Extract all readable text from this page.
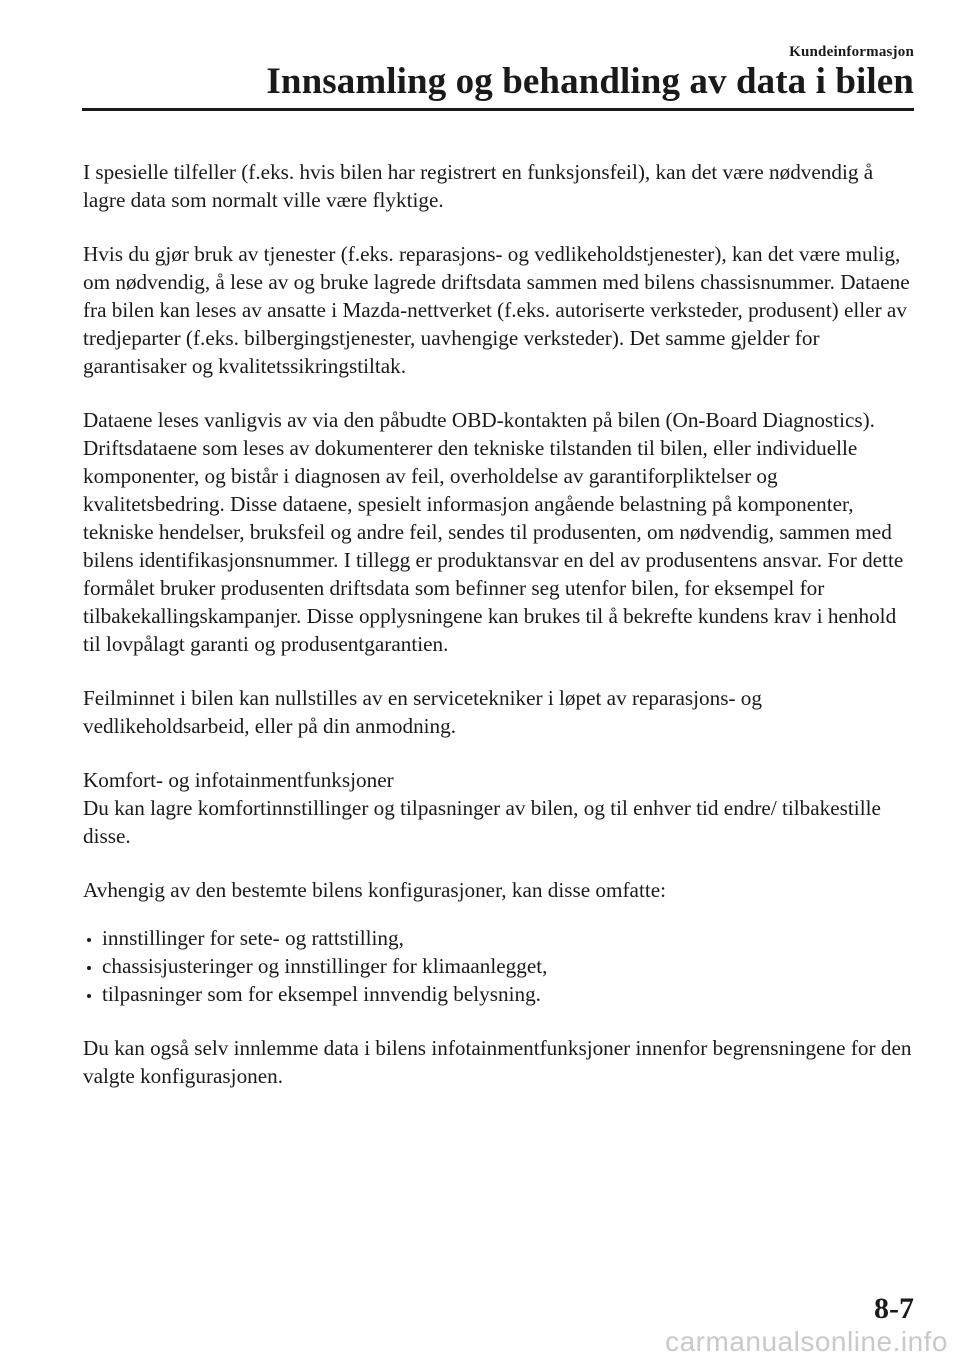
Kundeinformasjon
Innsamling og behandling av data i bilen

I spesielle tilfeller (f.eks. hvis bilen har registrert en funksjonsfeil), kan det være nødvendig å lagre data som normalt ville være flyktige.

Hvis du gjør bruk av tjenester (f.eks. reparasjons- og vedlikeholdstjenester), kan det være mulig, om nødvendig, å lese av og bruke lagrede driftsdata sammen med bilens chassisnummer. Dataene fra bilen kan leses av ansatte i Mazda-nettverket (f.eks. autoriserte verksteder, produsent) eller av tredjeparter (f.eks. bilbergingstjenester, uavhengige verksteder). Det samme gjelder for garantisaker og kvalitetssikringstiltak.

Dataene leses vanligvis av via den påbudte OBD-kontakten på bilen (On-Board Diagnostics). Driftsdataene som leses av dokumenterer den tekniske tilstanden til bilen, eller individuelle komponenter, og bistår i diagnosen av feil, overholdelse av garantiforpliktelser og kvalitetsbedring. Disse dataene, spesielt informasjon angående belastning på komponenter, tekniske hendelser, bruksfeil og andre feil, sendes til produsenten, om nødvendig, sammen med bilens identifikasjonsnummer. I tillegg er produktansvar en del av produsentens ansvar. For dette formålet bruker produsenten driftsdata som befinner seg utenfor bilen, for eksempel for tilbakekallingskampanjer. Disse opplysningene kan brukes til å bekrefte kundens krav i henhold til lovpålagt garanti og produsentgarantien.

Feilminnet i bilen kan nullstilles av en servicetekniker i løpet av reparasjons- og vedlikeholdsarbeid, eller på din anmodning.

Komfort- og infotainmentfunksjoner
Du kan lagre komfortinnstillinger og tilpasninger av bilen, og til enhver tid endre/ tilbakestille disse.

Avhengig av den bestemte bilens konfigurasjoner, kan disse omfatte:

innstillinger for sete- og rattstilling,
chassisjusteringer og innstillinger for klimaanlegget,
tilpasninger som for eksempel innvendig belysning.

Du kan også selv innlemme data i bilens infotainmentfunksjoner innenfor begrensningene for den valgte konfigurasjonen.

8-7
carmanualsonline.info
